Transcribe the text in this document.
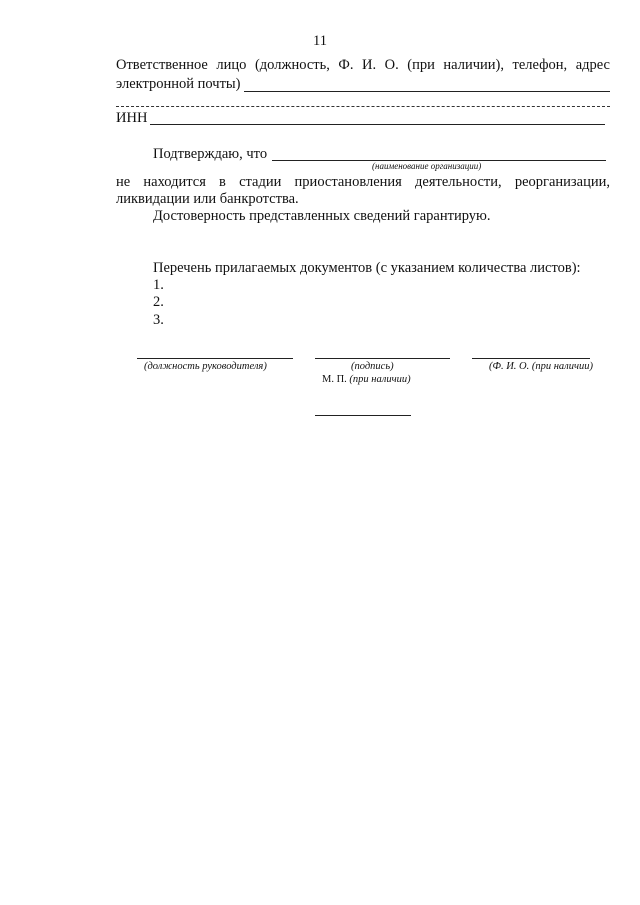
11
Ответственное лицо (должность, Ф. И. О. (при наличии), телефон, адрес
электронной почты)
ИНН
Подтверждаю, что
(наименование организации)
не находится в стадии приостановления деятельности, реорганизации,
ликвидации или банкротства.
Достоверность представленных сведений гарантирую.
Перечень прилагаемых документов (с указанием количества листов):
1.
2.
3.
(должность руководителя)	(подпись)	(Ф. И. О. (при наличии)
М. П. (при наличии)
